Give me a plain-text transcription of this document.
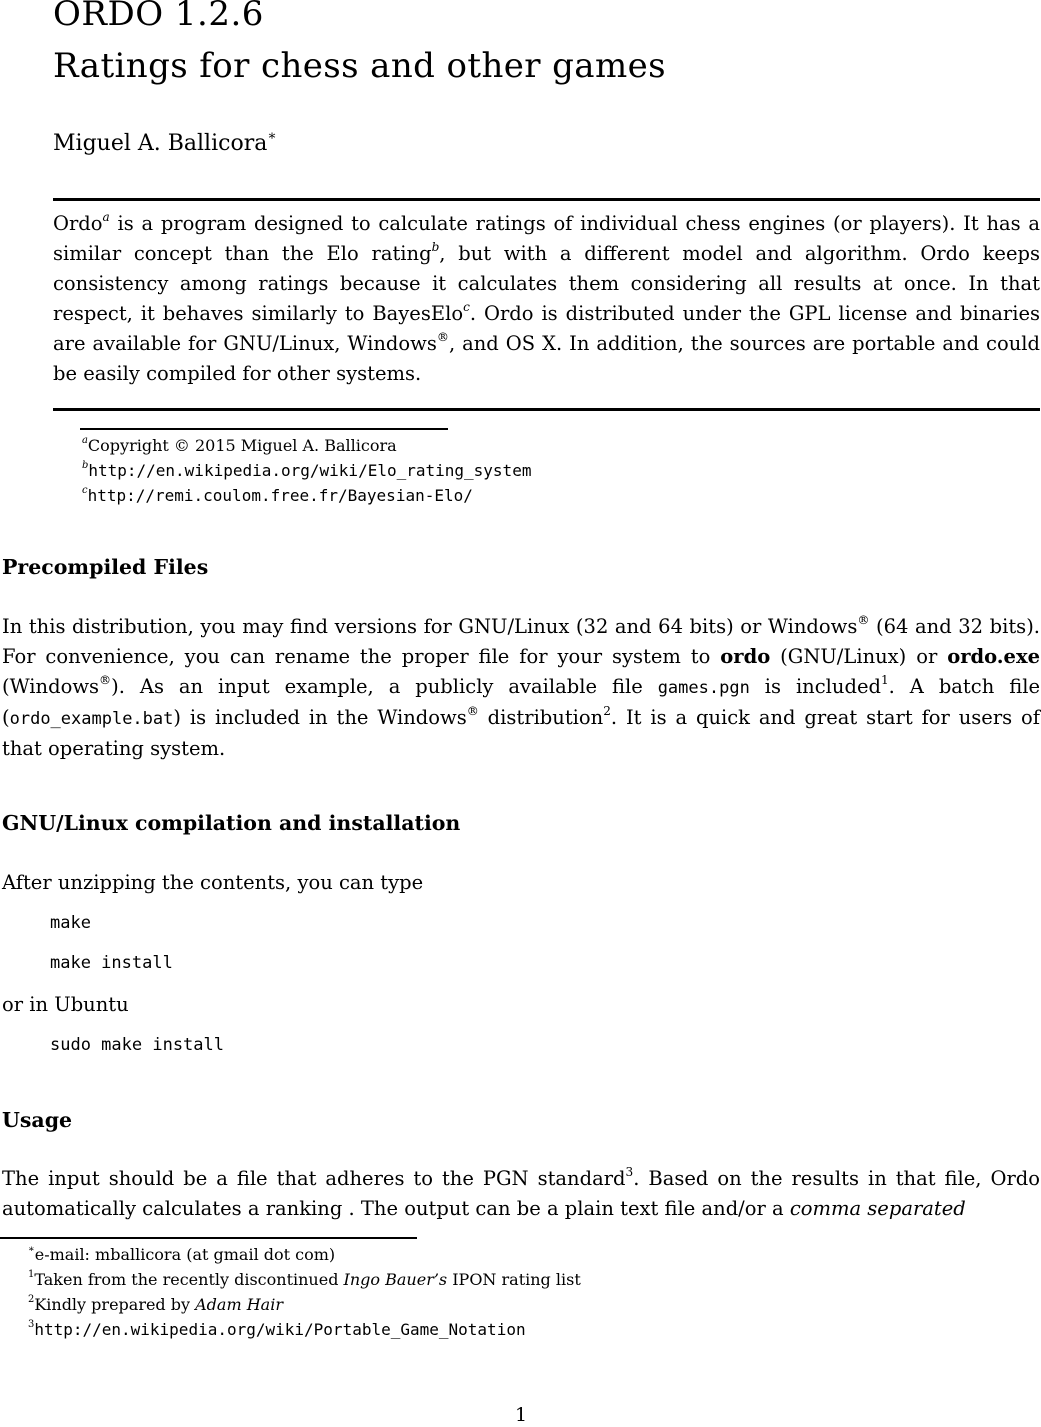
ORDO 1.2.6
Ratings for chess and other games
Miguel A. Ballicora∗
Ordo$^a$ is a program designed to calculate ratings of individual chess engines (or players). It has a similar concept than the Elo rating$^b$, but with a different model and algorithm. Ordo keeps consistency among ratings because it calculates them considering all results at once. In that respect, it behaves similarly to BayesElo$^c$. Ordo is distributed under the GPL license and binaries are available for GNU/Linux, Windows®, and OS X. In addition, the sources are portable and could be easily compiled for other systems.
$^a$Copyright © 2015 Miguel A. Ballicora
$^b$http://en.wikipedia.org/wiki/Elo_rating_system
$^c$http://remi.coulom.free.fr/Bayesian-Elo/
Precompiled Files
In this distribution, you may find versions for GNU/Linux (32 and 64 bits) or Windows® (64 and 32 bits). For convenience, you can rename the proper file for your system to ordo (GNU/Linux) or ordo.exe (Windows®). As an input example, a publicly available file games.pgn is included$^1$. A batch file (ordo_example.bat) is included in the Windows® distribution$^2$. It is a quick and great start for users of that operating system.
GNU/Linux compilation and installation
After unzipping the contents, you can type
make
make install
or in Ubuntu
sudo make install
Usage
The input should be a file that adheres to the PGN standard$^3$. Based on the results in that file, Ordo automatically calculates a ranking . The output can be a plain text file and/or a comma separated
∗e-mail: mballicora (at gmail dot com)
$^1$Taken from the recently discontinued Ingo Bauer’s IPON rating list
$^2$Kindly prepared by Adam Hair
$^3$http://en.wikipedia.org/wiki/Portable_Game_Notation
1
